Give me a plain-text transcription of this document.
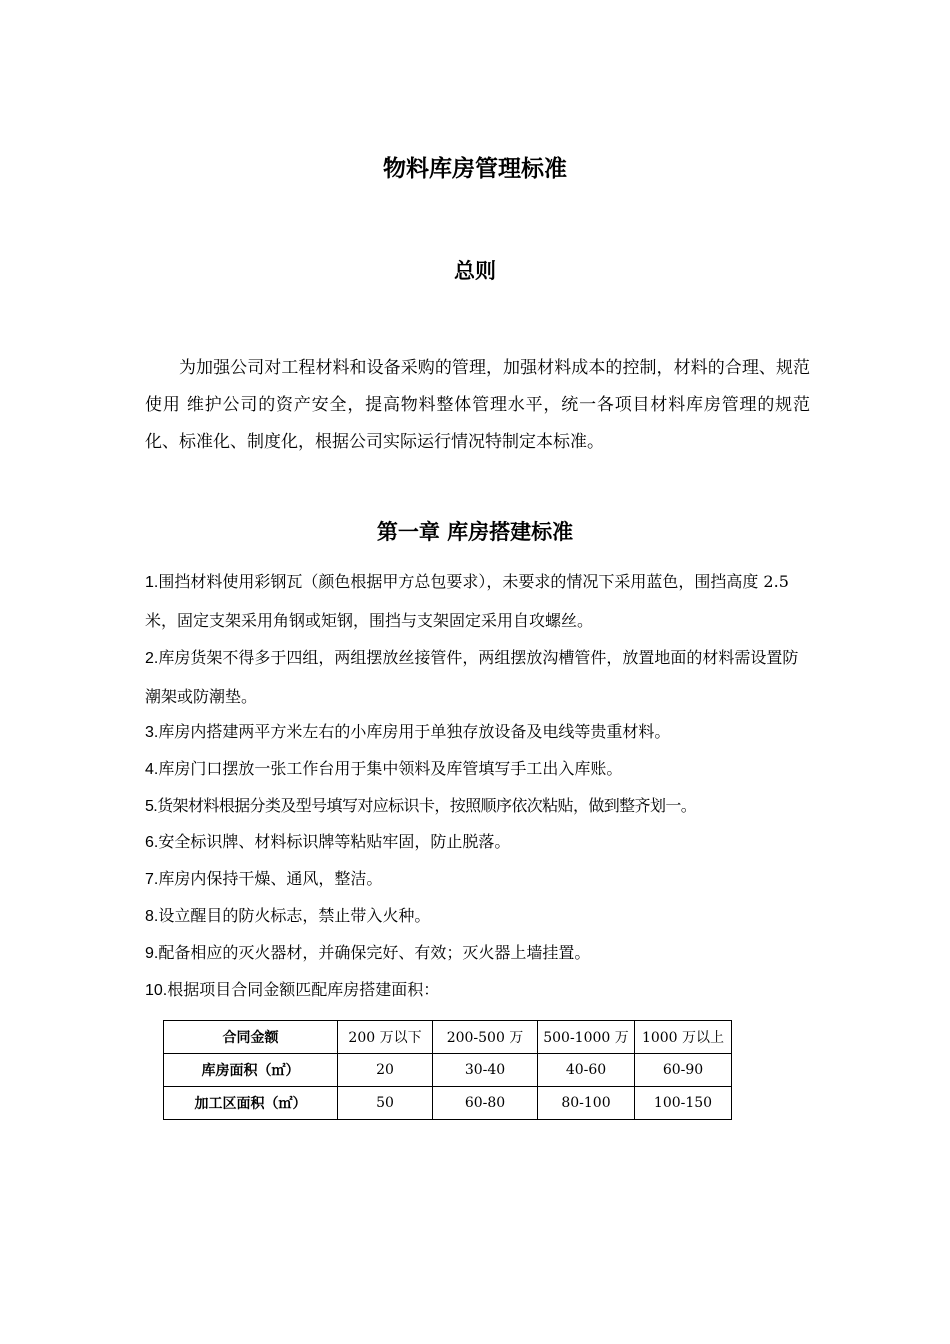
物料库房管理标准
总则

为加强公司对工程材料和设备采购的管理，加强材料成本的控制，材料的合理、规范使用 维护公司的资产安全，提高物料整体管理水平，统一各项目材料库房管理的规范化、标准化、制度化，根据公司实际运行情况特制定本标准。

第一章 库房搭建标准

1.围挡材料使用彩钢瓦（颜色根据甲方总包要求），未要求的情况下采用蓝色，围挡高度 2.5 米，固定支架采用角钢或矩钢，围挡与支架固定采用自攻螺丝。

2.库房货架不得多于四组，两组摆放丝接管件，两组摆放沟槽管件，放置地面的材料需设置防潮架或防潮垫。

3.库房内搭建两平方米左右的小库房用于单独存放设备及电线等贵重材料。

4.库房门口摆放一张工作台用于集中领料及库管填写手工出入库账。

5.货架材料根据分类及型号填写对应标识卡，按照顺序依次粘贴，做到整齐划一。

6.安全标识牌、材料标识牌等粘贴牢固，防止脱落。

7.库房内保持干燥、通风，整洁。

8.设立醒目的防火标志，禁止带入火种。

9.配备相应的灭火器材，并确保完好、有效；灭火器上墙挂置。

10.根据项目合同金额匹配库房搭建面积：

合同金额	200 万以下	200-500 万	500-1000 万	1000 万以上
库房面积（㎡）	20	30-40	40-60	60-90
加工区面积（㎡）	50	60-80	80-100	100-150
